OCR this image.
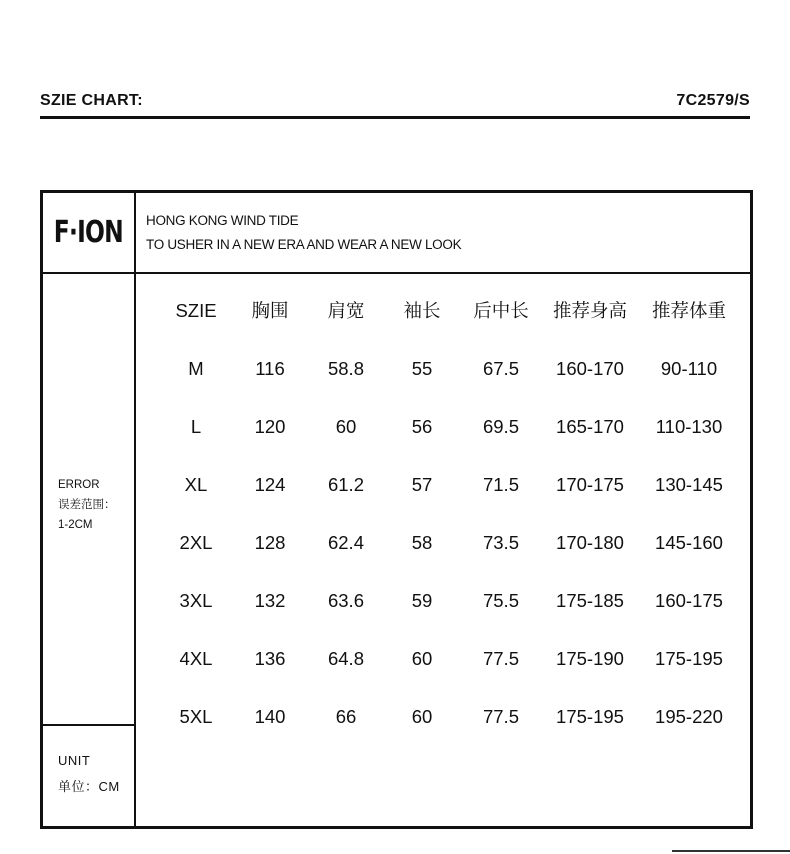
SZIE CHART:	7C2579/S
F·ION HONG KONG WIND TIDE
TO USHER IN A NEW ERA AND WEAR A NEW LOOK
ERROR
误差范围：
1-2CM
UNIT
单位：CM
SZIE	胸围	肩宽	袖长	后中长	推荐身高	推荐体重
M	116	58.8	55	67.5	160-170	90-110
L	120	60	56	69.5	165-170	110-130
XL	124	61.2	57	71.5	170-175	130-145
2XL	128	62.4	58	73.5	170-180	145-160
3XL	132	63.6	59	75.5	175-185	160-175
4XL	136	64.8	60	77.5	175-190	175-195
5XL	140	66	60	77.5	175-195	195-220
